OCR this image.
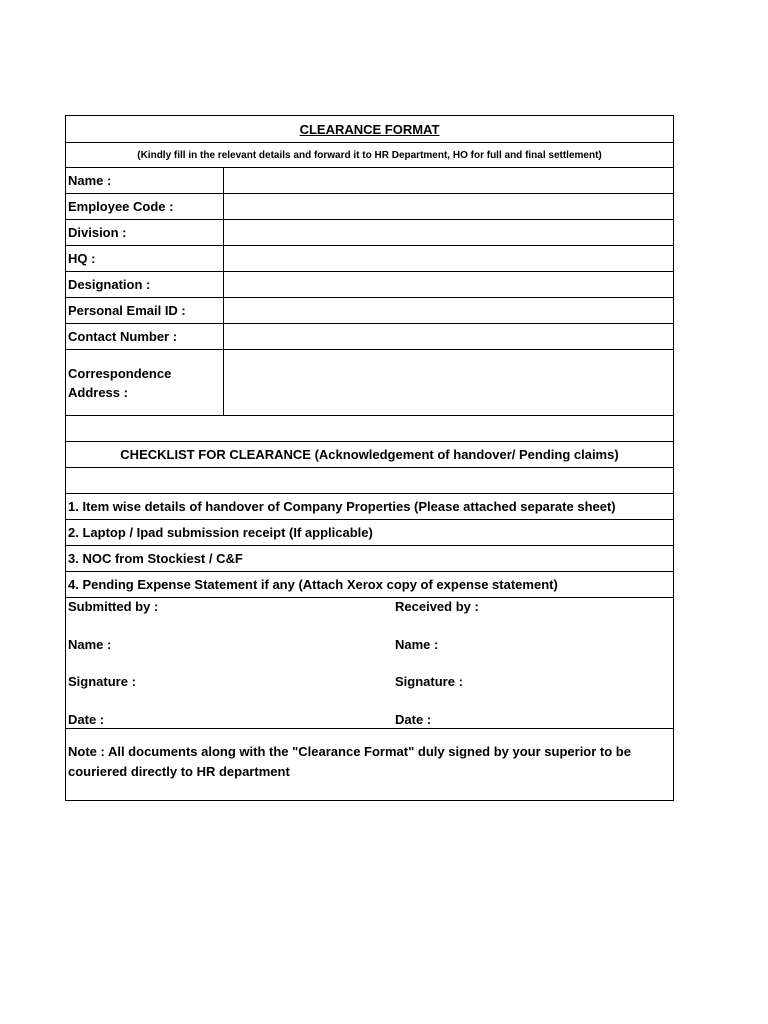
CLEARANCE FORMAT
(Kindly fill in the relevant details and forward it to HR Department, HO for full and final settlement)
Name :
Employee Code :
Division :
HQ :
Designation :
Personal Email ID :
Contact Number :
Correspondence
Address :
CHECKLIST FOR CLEARANCE (Acknowledgement of handover/ Pending claims)
1. Item wise details of handover of Company Properties (Please attached separate sheet)
2. Laptop / Ipad submission receipt (If applicable)
3. NOC from Stockiest / C&F
4. Pending Expense Statement if any (Attach Xerox copy of expense statement)
Submitted by :
Name :
Signature :
Date :
Received by :
Name :
Signature :
Date :
Note : All documents along with the "Clearance Format" duly signed by your superior to be
couriered directly to HR department
